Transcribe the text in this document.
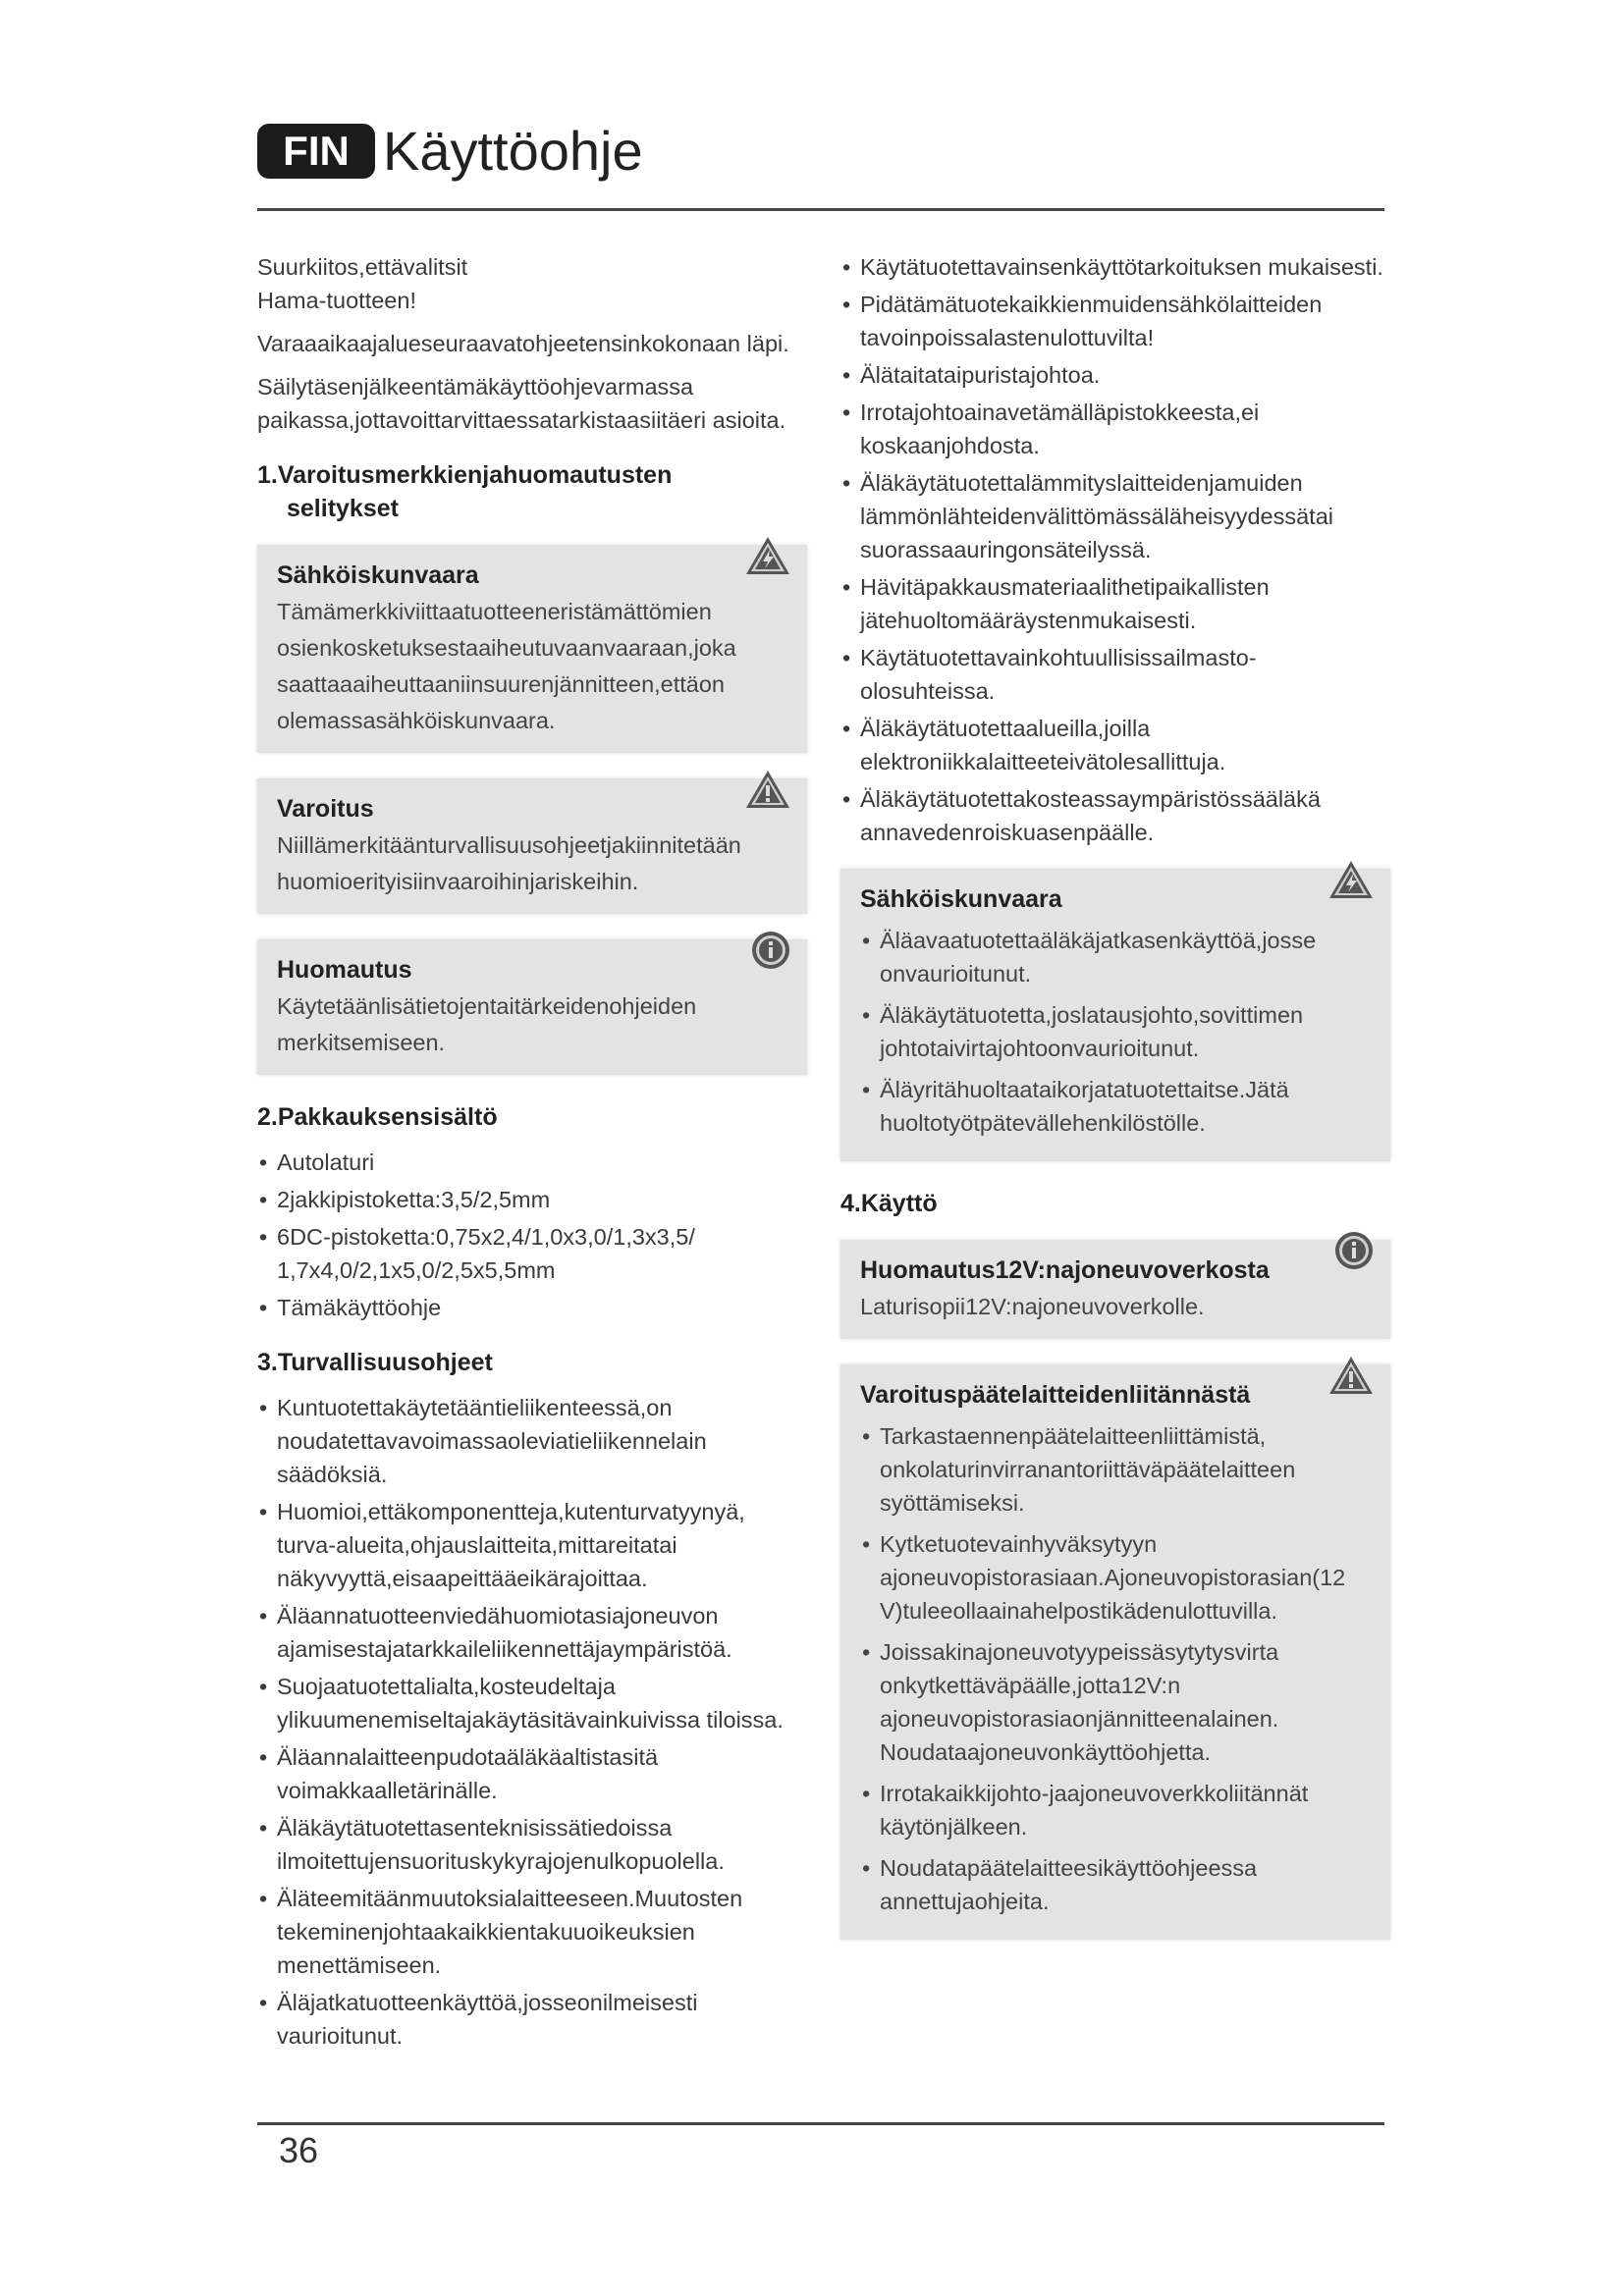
FIN Käyttöohje

Suurkiitos,ettävalitsit

Hama-tuotteen!

Varaaaikaajalueseuraavatohjeetensinkokonaan läpi.

Säilytäsenjälkeentämäkäyttöohjevarmassa paikassa,jottavoittarvittaessatarkistaasiitäeri asioita.

1.Varoitusmerkkienjahuomautusten
selitykset
Sähköiskunvaara
Tämämerkkiviittaatuotteeneristämättömien osienkosketuksestaaiheutuvaanvaaraan,joka saattaaaiheuttaaniinsuurenjännitteen,ettäon olemassasähköiskunvaara.
Varoitus
Niillämerkitäänturvallisuusohjeetjakiinnitetään huomioerityisiinvaaroihinjariskeihin.
Huomautus
Käytetäänlisätietojentaitärkeidenohjeiden merkitsemiseen.
2.Pakkauksensisältö
• Autolaturi
• 2jakkipistoketta:3,5/2,5mm
• 6DC-pistoketta:0,75x2,4/1,0x3,0/1,3x3,5/ 1,7x4,0/2,1x5,0/2,5x5,5mm
• Tämäkäyttöohje
3.Turvallisuusohjeet
• Kuntuotettakäytetääntieliikenteessä,on noudatettavavoimassaoleviatieliikennelain säädöksiä.
• Huomioi,ettäkomponentteja,kutenturvatyynyä, turva-alueita,ohjauslaitteita,mittareitatai näkyvyyttä,eisaapeittääeikärajoittaa.
• Äläannatuotteenviedähuomiotasiajoneuvon ajamisestajatarkkaileliikennettäjaympäristöä.
• Suojaatuotettalialta,kosteudeltaja ylikuumenemiseltajakäytäsitävainkuivissa tiloissa.
• Äläannalaitteenpudotaäläkäaltistasitä voimakkaalletärinälle.
• Äläkäytätuotettasenteknisissätiedoissa ilmoitettujensuorituskykyrajojenulkopuolella.
• Äläteemitäänmuutoksialaitteeseen.Muutosten tekeminenjohtaakaikkientakuuoikeuksien menettämiseen.
• Äläjatkatuotteenkäyttöä,josseonilmeisesti vaurioitunut.
• Käytätuotettavainsenkäyttötarkoituksen mukaisesti.
• Pidätämätuotekaikkienmuidensähkölaitteiden tavoinpoissalastenulottuvilta!
• Älätaitataipuristajohtoa.
• Irrotajohtoainavetämälläpistokkeesta,ei koskaanjohdosta.
• Äläkäytätuotettalämmityslaitteidenjamuiden lämmönlähteidenvälittömässäläheisyydessätai suorassaauringonsäteilyssä.
• Hävitäpakkausmateriaalithetipaikallisten jätehuoltomääräystenmukaisesti.
• Käytätuotettavainkohtuullisissailmasto- olosuhteissa.
• Äläkäytätuotettaalueilla,joilla elektroniikkalaitteeteivätolesallittuja.
• Äläkäytätuotettakosteassaympäristössääläkä annavedenroiskuasenpäälle.
Sähköiskunvaara
• Äläavaatuotettaäläkäjatkasenkäyttöä,josse onvaurioitunut.
• Äläkäytätuotetta,joslatausjohto,sovittimen johtotaivirtajohtoonvaurioitunut.
• Äläyritähuoltaataikorjatatuotettaitse.Jätä huoltotyötpätevällehenkilöstölle.
4.Käyttö
Huomautus12V:najoneuvoverkosta
Laturisopii12V:najoneuvoverkolle.
Varoituspäätelaitteidenliitännästä
• Tarkastaennenpäätelaitteenliittämistä, onkolaturinvirranantoriittäväpäätelaitteen syöttämiseksi.
• Kytketuotevainhyväksytyyn ajoneuvopistorasiaan.Ajoneuvopistorasian(12 V)tuleeollaainahelpostikädenulottuvilla.
• Joissakinajoneuvotyypeissäsytytysvirta onkytkettäväpäälle,jotta12V:n ajoneuvopistorasiaonjännitteenalainen. Noudataajoneuvonkäyttöohjetta.
• Irrotakaikkijohto-jaajoneuvoverkkoliitännät käytönjälkeen.
• Noudatapäätelaitteesikäyttöohjeessa annettujaohjeita.
36
